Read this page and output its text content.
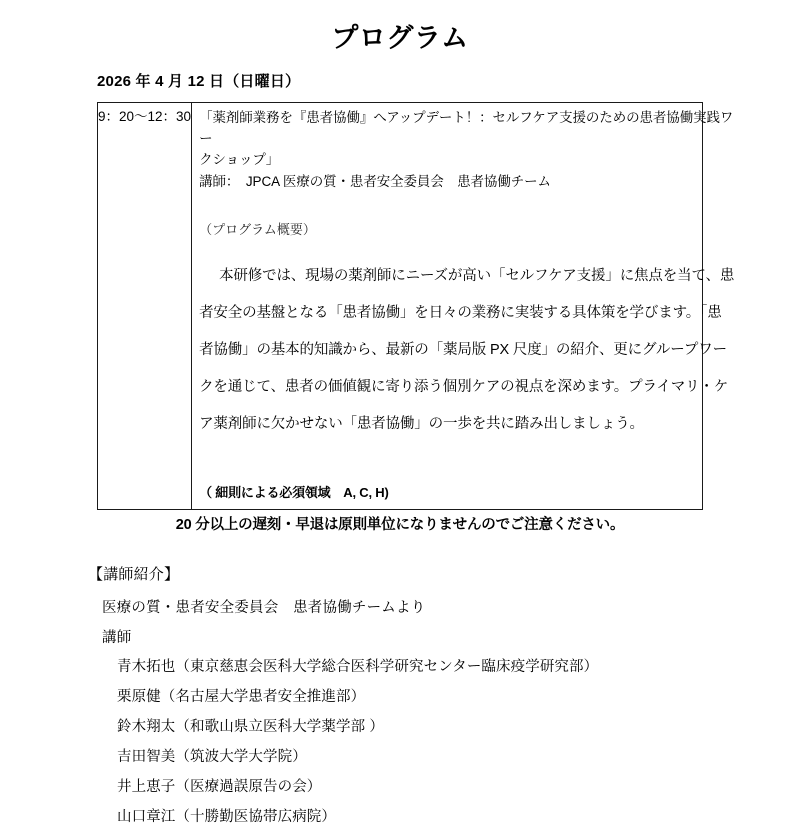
プログラム
2026 年 4 月 12 日（日曜日）
9：20〜12：30 「薬剤師業務を『患者協働』へアップデート！：セルフケア支援のための患者協働実践ワー
クショップ」
講師：　JPCA 医療の質・患者安全委員会　患者協働チーム
（プログラム概要）
本研修では、現場の薬剤師にニーズが高い「セルフケア支援」に焦点を当て、患
者安全の基盤となる「患者協働」を日々の業務に実装する具体策を学びます。「患
者協働」の基本的知識から、最新の「薬局版 PX 尺度」の紹介、更にグループワー
クを通じて、患者の価値観に寄り添う個別ケアの視点を深めます。プライマリ・ケ
ア薬剤師に欠かせない「患者協働」の一歩を共に踏み出しましょう。
（ 細則による必須領域　A, C, H)
20 分以上の遅刻・早退は原則単位になりませんのでご注意ください。
【講師紹介】
医療の質・患者安全委員会　患者協働チームより
講師
青木拓也（東京慈恵会医科大学総合医科学研究センター臨床疫学研究部）
栗原健（名古屋大学患者安全推進部）
鈴木翔太（和歌山県立医科大学薬学部 ）
吉田智美（筑波大学大学院）
井上恵子（医療過誤原告の会）
山口章江（十勝勤医協帯広病院）
